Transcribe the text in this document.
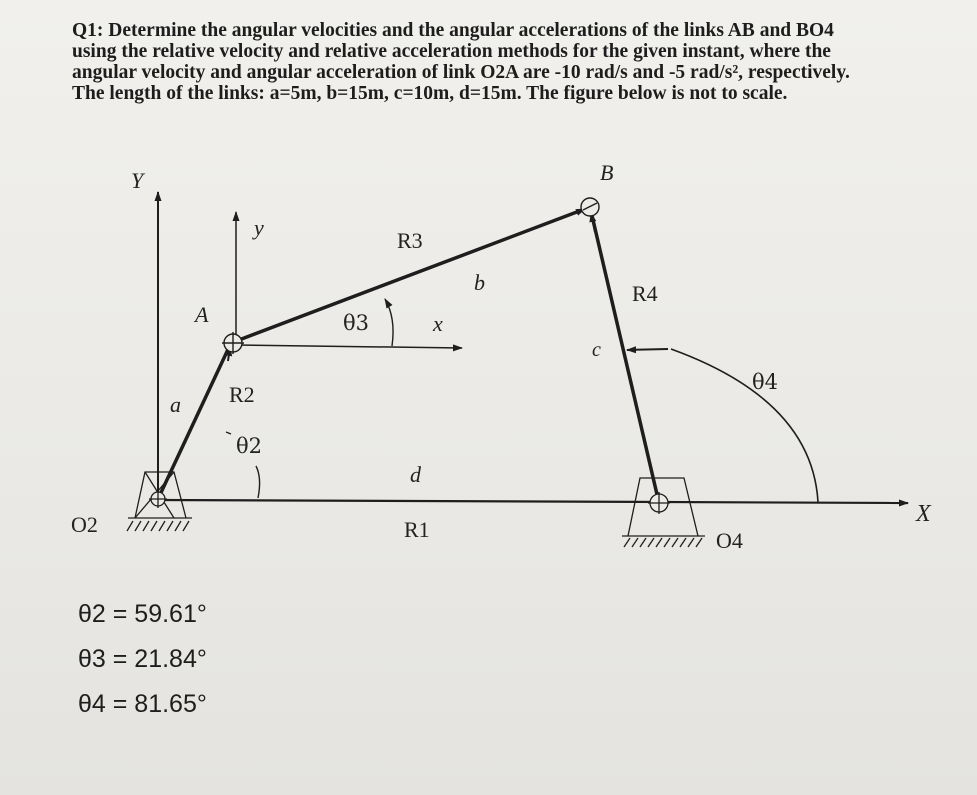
Q1: Determine the angular velocities and the angular accelerations of the links AB and BO4
using the relative velocity and relative acceleration methods for the given instant, where the
angular velocity and angular acceleration of link O2A are -10 rad/s and -5 rad/s², respectively.
The length of the links: a=5m, b=15m, c=10m, d=15m. The figure below is not to scale.
Y
X
y
x
A
B
O2
O4
R1
R2
R3
R4
a
b
c
d
θ2
θ3
θ4
θ2 = 59.61°
θ3 = 21.84°
θ4 = 81.65°
